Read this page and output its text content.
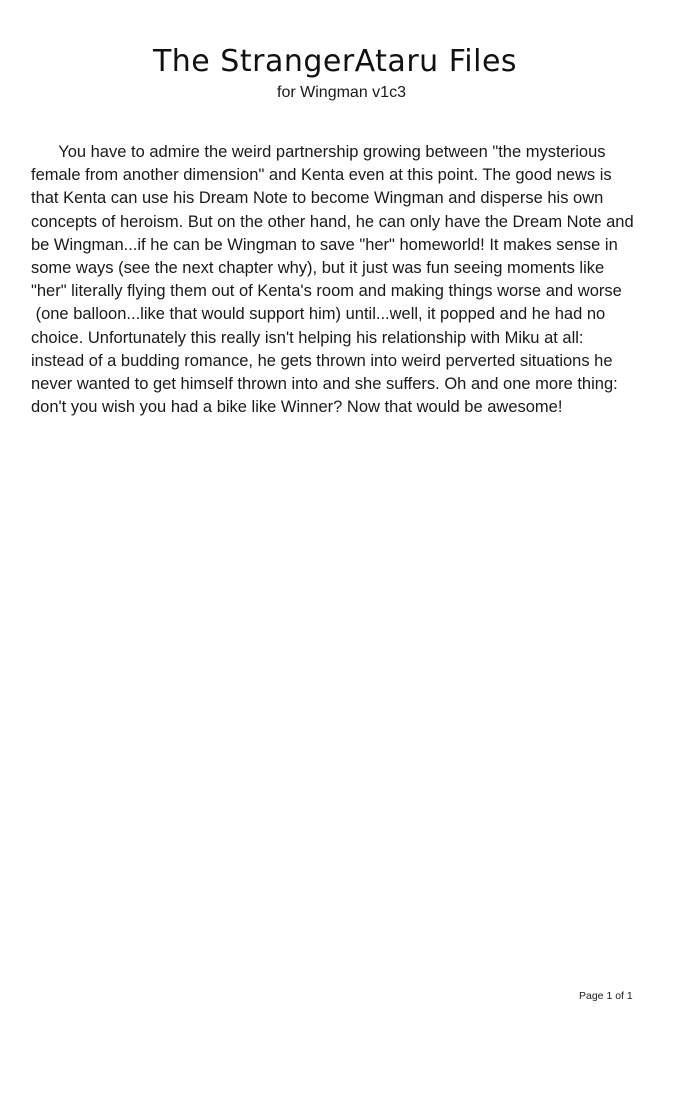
The StrangerAtaru Files
for Wingman v1c3
You have to admire the weird partnership growing between "the mysterious
female from another dimension" and Kenta even at this point. The good news is
that Kenta can use his Dream Note to become Wingman and disperse his own
concepts of heroism. But on the other hand, he can only have the Dream Note and
be Wingman...if he can be Wingman to save "her" homeworld! It makes sense in
some ways (see the next chapter why), but it just was fun seeing moments like
"her" literally flying them out of Kenta's room and making things worse and worse
(one balloon...like that would support him) until...well, it popped and he had no
choice. Unfortunately this really isn't helping his relationship with Miku at all:
instead of a budding romance, he gets thrown into weird perverted situations he
never wanted to get himself thrown into and she suffers. Oh and one more thing:
don't you wish you had a bike like Winner? Now that would be awesome!
Page 1 of 1
